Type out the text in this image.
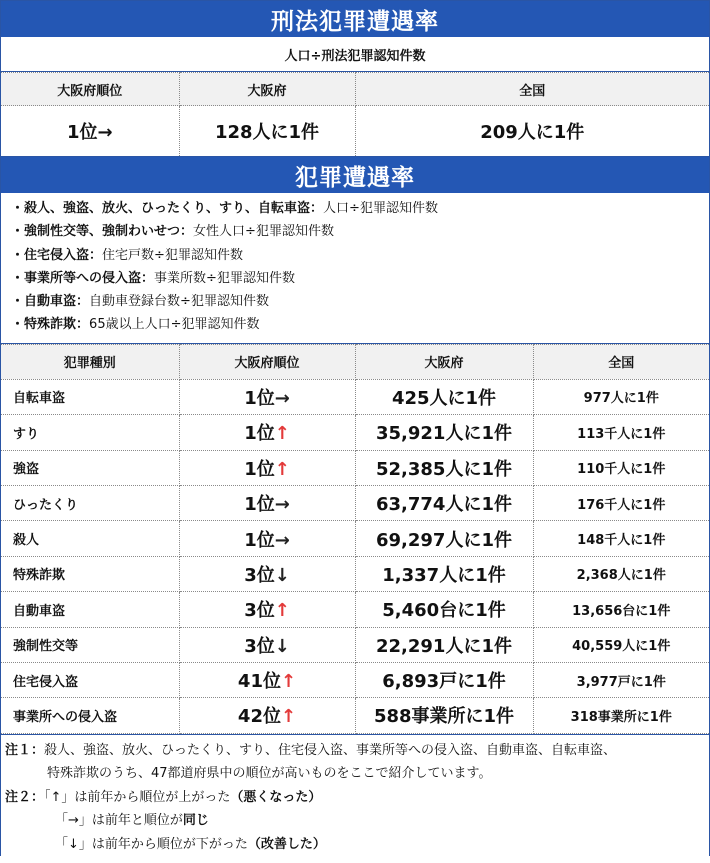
刑法犯罪遭遇率
人口÷刑法犯罪認知件数
大阪府順位	大阪府	全国
1位→	128人に1件	209人に1件
犯罪遭遇率
・殺人、強盗、放火、ひったくり、すり、自転車盗：人口÷犯罪認知件数
・強制性交等、強制わいせつ：女性人口÷犯罪認知件数
・住宅侵入盗：住宅戸数÷犯罪認知件数
・事業所等への侵入盗：事業所数÷犯罪認知件数
・自動車盗：自動車登録台数÷犯罪認知件数
・特殊詐欺：65歳以上人口÷犯罪認知件数
犯罪種別	大阪府順位	大阪府	全国
自転車盗	1位→	425人に1件	977人に1件
すり	1位↑	35,921人に1件	113千人に1件
強盗	1位↑	52,385人に1件	110千人に1件
ひったくり	1位→	63,774人に1件	176千人に1件
殺人	1位→	69,297人に1件	148千人に1件
特殊詐欺	3位↓	1,337人に1件	2,368人に1件
自動車盗	3位↑	5,460台に1件	13,656台に1件
強制性交等	3位↓	22,291人に1件	40,559人に1件
住宅侵入盗	41位↑	6,893戸に1件	3,977戸に1件
事業所への侵入盗	42位↑	588事業所に1件	318事業所に1件
注１：殺人、強盗、放火、ひったくり、すり、住宅侵入盗、事業所等への侵入盗、自動車盗、自転車盗、
特殊詐欺のうち、47都道府県中の順位が高いものをここで紹介しています。
注２：「↑」は前年から順位が上がった（悪くなった）
「→」は前年と順位が同じ
「↓」は前年から順位が下がった（改善した）
